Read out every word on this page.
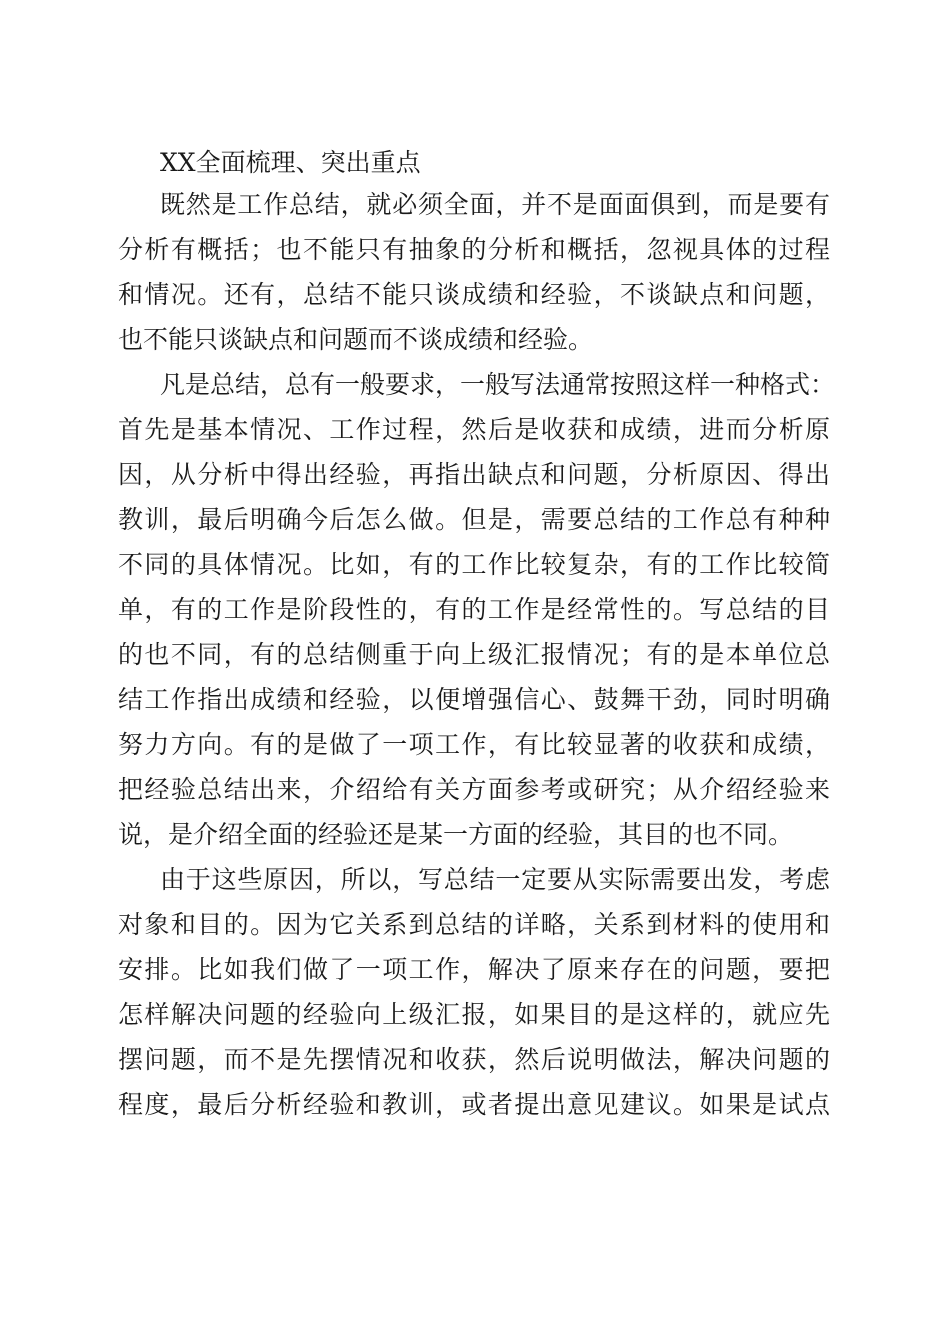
XX全面梳理、突出重点

既然是工作总结，就必须全面，并不是面面俱到，而是要有
分析有概括；也不能只有抽象的分析和概括，忽视具体的过程
和情况。还有，总结不能只谈成绩和经验，不谈缺点和问题，
也不能只谈缺点和问题而不谈成绩和经验。
凡是总结，总有一般要求，一般写法通常按照这样一种格式：
首先是基本情况、工作过程，然后是收获和成绩，进而分析原
因，从分析中得出经验，再指出缺点和问题，分析原因、得出
教训，最后明确今后怎么做。但是，需要总结的工作总有种种
不同的具体情况。比如，有的工作比较复杂，有的工作比较简
单，有的工作是阶段性的，有的工作是经常性的。写总结的目
的也不同，有的总结侧重于向上级汇报情况；有的是本单位总
结工作指出成绩和经验，以便增强信心、鼓舞干劲，同时明确
努力方向。有的是做了一项工作，有比较显著的收获和成绩，
把经验总结出来，介绍给有关方面参考或研究；从介绍经验来
说，是介绍全面的经验还是某一方面的经验，其目的也不同。
由于这些原因，所以，写总结一定要从实际需要出发，考虑
对象和目的。因为它关系到总结的详略，关系到材料的使用和
安排。比如我们做了一项工作，解决了原来存在的问题，要把
怎样解决问题的经验向上级汇报，如果目的是这样的，就应先
摆问题，而不是先摆情况和收获，然后说明做法，解决问题的
程度，最后分析经验和教训，或者提出意见建议。如果是试点
